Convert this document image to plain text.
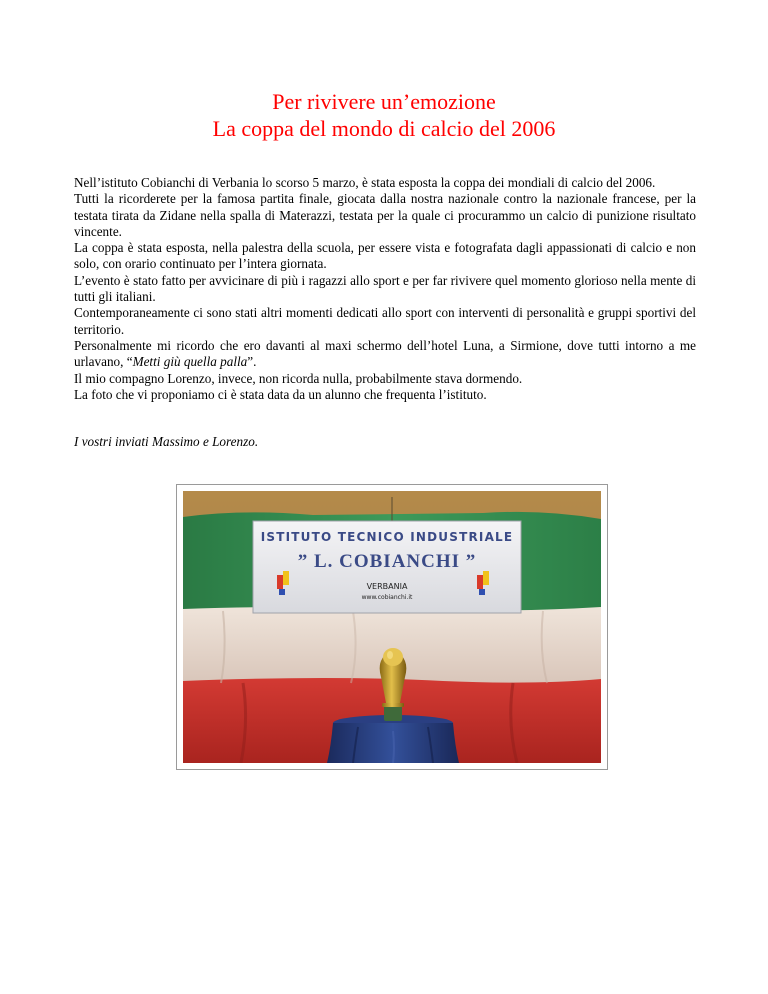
Per rivivere un’emozione
La coppa del mondo di calcio del 2006

Nell’istituto Cobianchi di Verbania lo scorso 5 marzo, è stata esposta la coppa dei mondiali di calcio del 2006.

Tutti la ricorderete per la famosa partita finale, giocata dalla nostra nazionale contro la nazionale francese, per la testata tirata da Zidane nella spalla di Materazzi, testata per la quale ci procurammo un calcio di punizione risultato vincente.

La coppa è stata esposta, nella palestra della scuola, per essere vista e fotografata dagli appassionati di calcio e non solo, con orario continuato per l’intera giornata.

L’evento è stato fatto per avvicinare di più i ragazzi allo sport e per far rivivere quel momento glorioso nella mente di tutti gli italiani.

Contemporaneamente ci sono stati altri momenti dedicati allo sport con interventi di personalità e gruppi sportivi del territorio.

Personalmente mi ricordo che ero davanti al maxi schermo dell’hotel Luna, a Sirmione, dove tutti intorno a me urlavano, “Metti giù quella palla”.

Il mio compagno Lorenzo, invece, non ricorda nulla, probabilmente stava dormendo.

La foto che vi proponiamo ci è stata data da un alunno che frequenta l’istituto.

I vostri inviati Massimo e Lorenzo.
ISTITUTO TECNICO INDUSTRIALE
” L. COBIANCHI ”
VERBANIA
www.cobianchi.it
